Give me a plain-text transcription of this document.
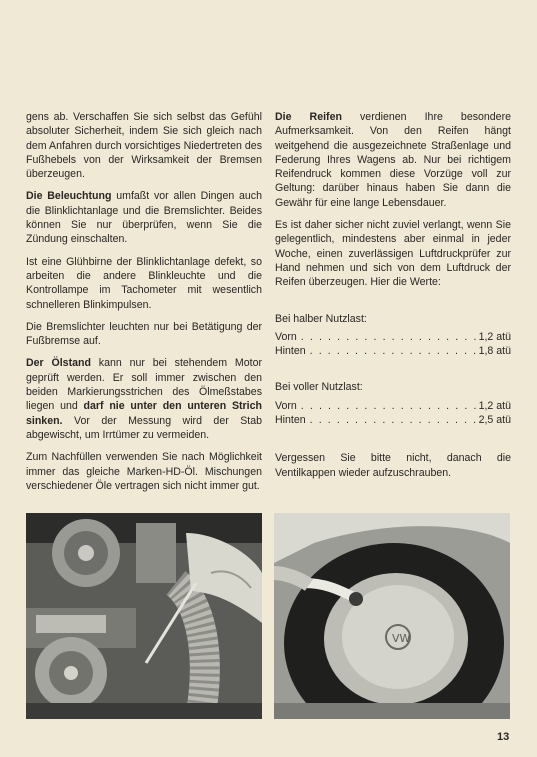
gens ab. Verschaffen Sie sich selbst das Gefühl absoluter Sicherheit, indem Sie sich gleich nach dem Anfahren durch vorsichtiges Niedertreten des Fußhebels von der Wirksamkeit der Bremsen überzeugen.

Die Beleuchtung umfaßt vor allen Dingen auch die Blinklichtanlage und die Bremslichter. Beides können Sie nur überprüfen, wenn Sie die Zündung einschalten.

Ist eine Glühbirne der Blinklichtanlage defekt, so arbeiten die andere Blinkleuchte und die Kontrollampe im Tachometer mit wesentlich schnelleren Blinkimpulsen.

Die Bremslichter leuchten nur bei Betätigung der Fußbremse auf.

Der Ölstand kann nur bei stehendem Motor geprüft werden. Er soll immer zwischen den beiden Markierungsstrichen des Ölmeßstabes liegen und darf nie unter den unteren Strich sinken. Vor der Messung wird der Stab abgewischt, um Irrtümer zu vermeiden.

Zum Nachfüllen verwenden Sie nach Möglichkeit immer das gleiche Marken-HD-Öl. Mischungen verschiedener Öle vertragen sich nicht immer gut.

Die Reifen verdienen Ihre besondere Aufmerksamkeit. Von den Reifen hängt weitgehend die ausgezeichnete Straßenlage und Federung Ihres Wagens ab. Nur bei richtigem Reifendruck kommen diese Vorzüge voll zur Geltung: darüber hinaus haben Sie dann die Gewähr für eine lange Lebensdauer.

Es ist daher sicher nicht zuviel verlangt, wenn Sie gelegentlich, mindestens aber einmal in jeder Woche, einen zuverlässigen Luftdruckprüfer zur Hand nehmen und sich von dem Luftdruck der Reifen überzeugen. Hier die Werte:

Bei halber Nutzlast:

Vorn . . .	1,2 atü
Hinten . . .	1,8 atü

Bei voller Nutzlast:

Vorn . . .	1,2 atü
Hinten . . .	2,5 atü

Vergessen Sie bitte nicht, danach die Ventilkappen wieder aufzuschrauben.

VW
13
